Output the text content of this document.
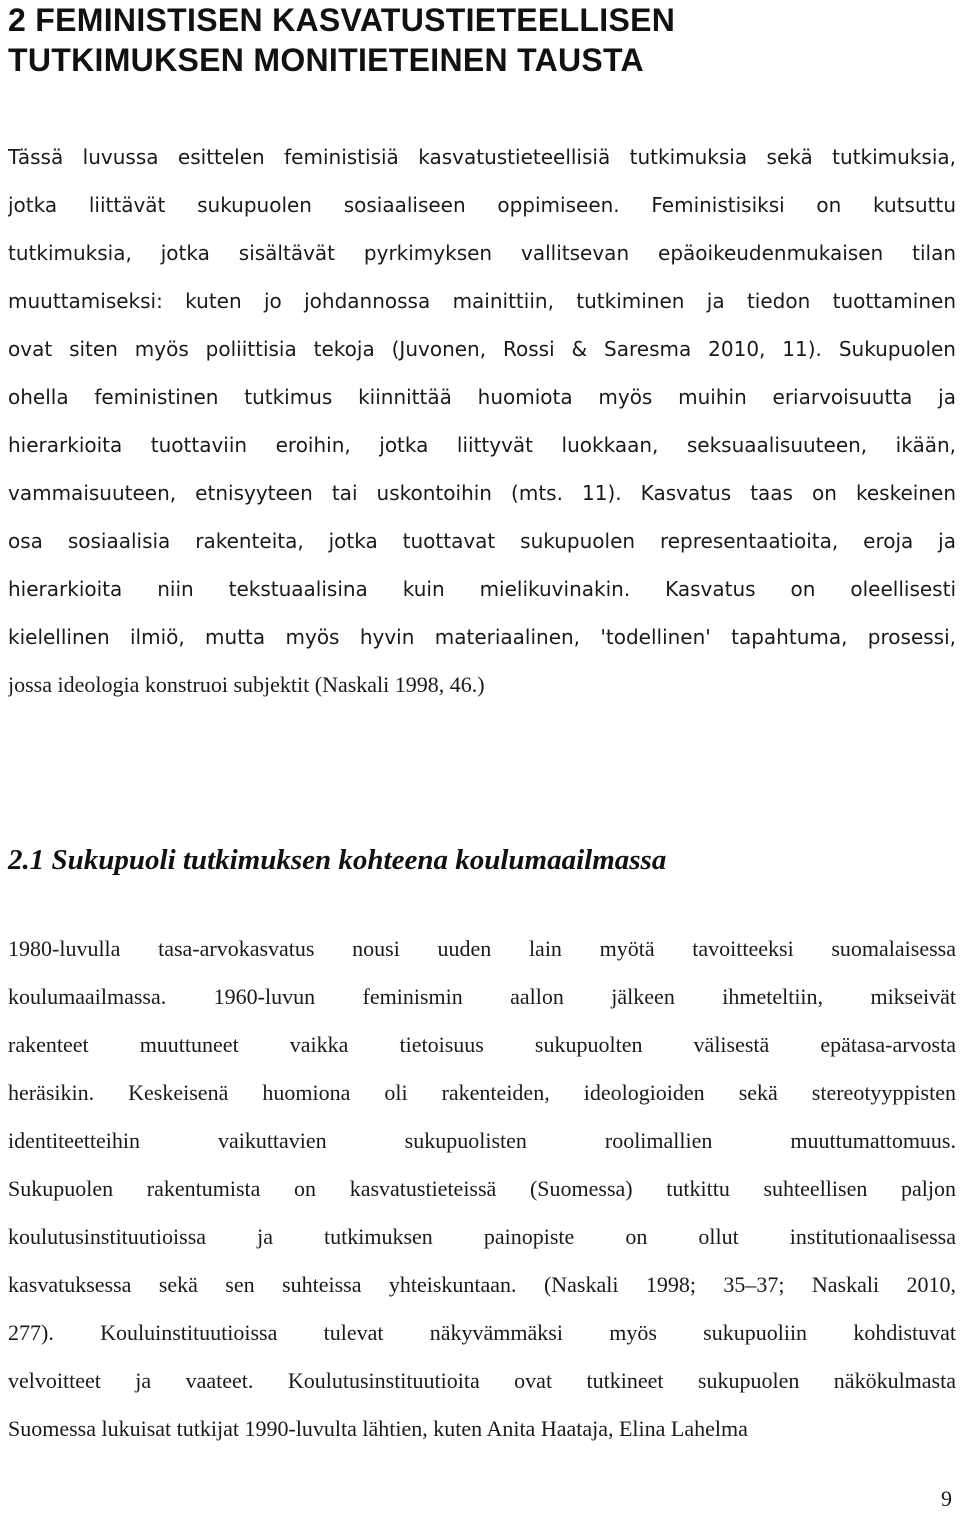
2 FEMINISTISEN KASVATUSTIETEELLISEN
TUTKIMUKSEN MONITIETEINEN TAUSTA
Tässä luvussa esittelen feministisiä kasvatustieteellisiä tutkimuksia sekä tutkimuksia,
jotka liittävät sukupuolen sosiaaliseen oppimiseen. Feministisiksi on kutsuttu
tutkimuksia, jotka sisältävät pyrkimyksen vallitsevan epäoikeudenmukaisen tilan
muuttamiseksi: kuten jo johdannossa mainittiin, tutkiminen ja tiedon tuottaminen
ovat siten myös poliittisia tekoja (Juvonen, Rossi & Saresma 2010, 11). Sukupuolen
ohella feministinen tutkimus kiinnittää huomiota myös muihin eriarvoisuutta ja
hierarkioita tuottaviin eroihin, jotka liittyvät luokkaan, seksuaalisuuteen, ikään,
vammaisuuteen, etnisyyteen tai uskontoihin (mts. 11). Kasvatus taas on keskeinen
osa sosiaalisia rakenteita, jotka tuottavat sukupuolen representaatioita, eroja ja
hierarkioita niin tekstuaalisina kuin mielikuvinakin. Kasvatus on oleellisesti
kielellinen ilmiö, mutta myös hyvin materiaalinen, 'todellinen' tapahtuma, prosessi,
jossa ideologia konstruoi subjektit (Naskali 1998, 46.)
2.1 Sukupuoli tutkimuksen kohteena koulumaailmassa
1980-luvulla tasa-arvokasvatus nousi uuden lain myötä tavoitteeksi suomalaisessa
koulumaailmassa. 1960-luvun feminismin aallon jälkeen ihmeteltiin, mikseivät
rakenteet muuttuneet vaikka tietoisuus sukupuolten välisestä epätasa-arvosta
heräsikin. Keskeisenä huomiona oli rakenteiden, ideologioiden sekä stereotyyppisten
identiteetteihin vaikuttavien sukupuolisten roolimallien muuttumattomuus.
Sukupuolen rakentumista on kasvatustieteissä (Suomessa) tutkittu suhteellisen paljon
koulutusinstituutioissa ja tutkimuksen painopiste on ollut institutionaalisessa
kasvatuksessa sekä sen suhteissa yhteiskuntaan. (Naskali 1998; 35–37; Naskali 2010,
277). Kouluinstituutioissa tulevat näkyvämmäksi myös sukupuoliin kohdistuvat
velvoitteet ja vaateet. Koulutusinstituutioita ovat tutkineet sukupuolen näkökulmasta
Suomessa lukuisat tutkijat 1990-luvulta lähtien, kuten Anita Haataja, Elina Lahelma
9
